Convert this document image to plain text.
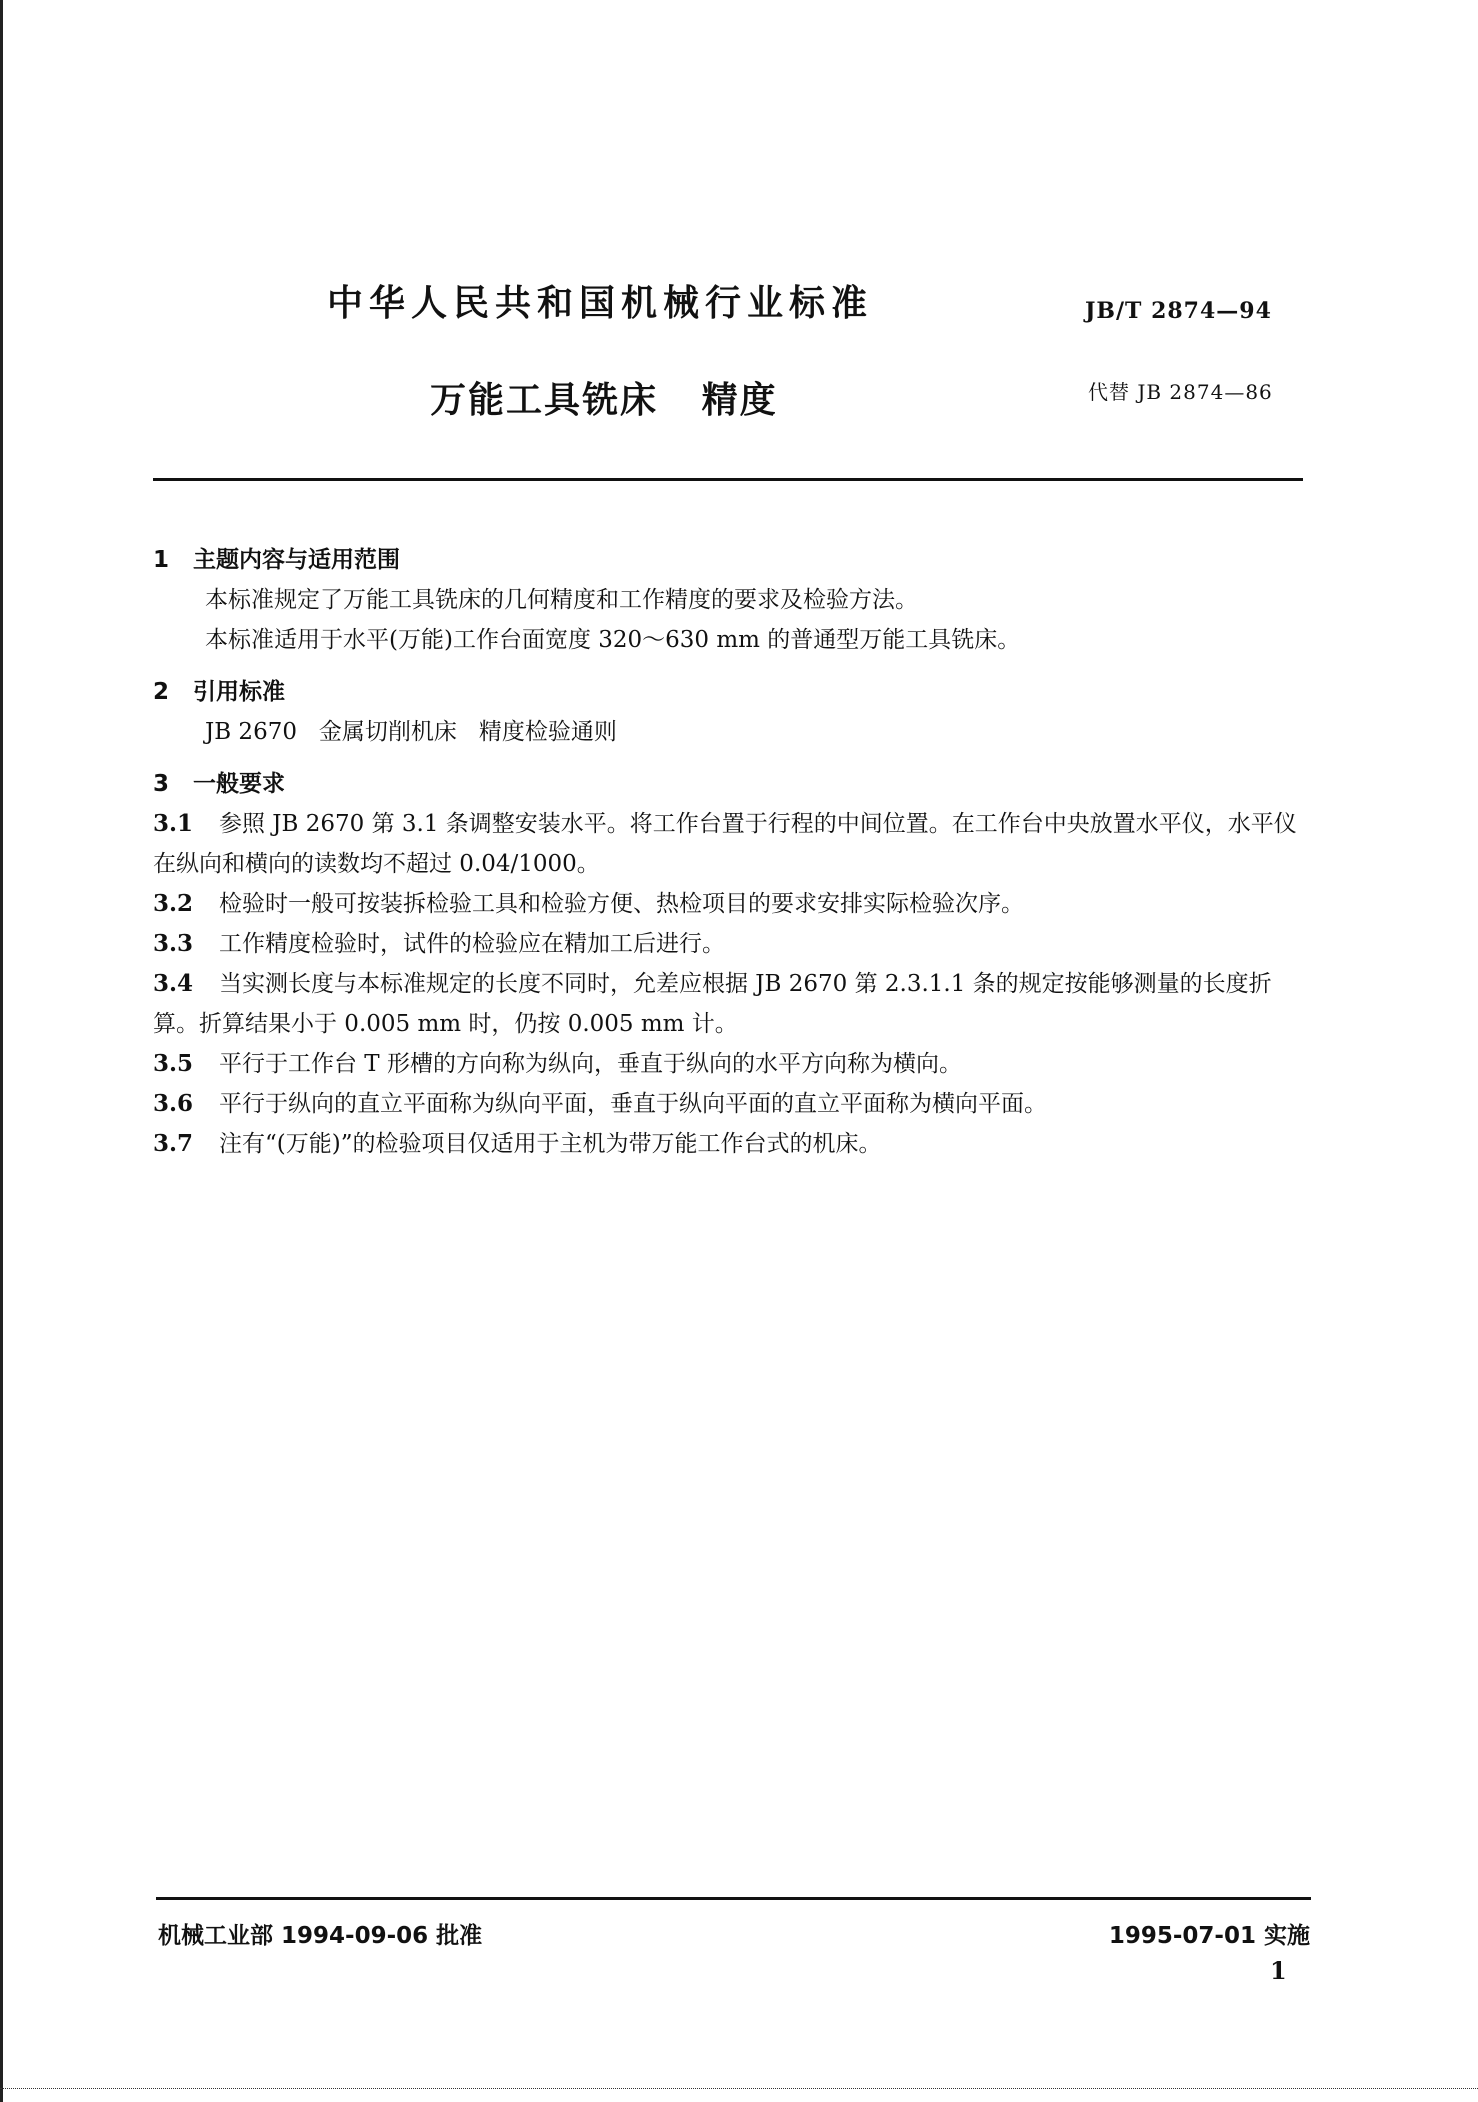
中华人民共和国机械行业标准	JB/T 2874—94
万能工具铣床   精度	代替 JB 2874—86
1 主题内容与适用范围
本标准规定了万能工具铣床的几何精度和工作精度的要求及检验方法。
本标准适用于水平(万能)工作台面宽度 320～630 mm 的普通型万能工具铣床。
2 引用标准
JB 2670   金属切削机床   精度检验通则
3 一般要求
3.1 参照 JB 2670 第 3.1 条调整安装水平。将工作台置于行程的中间位置。在工作台中央放置水平仪，水平仪在纵向和横向的读数均不超过 0.04/1000。
3.2 检验时一般可按装拆检验工具和检验方便、热检项目的要求安排实际检验次序。
3.3 工作精度检验时，试件的检验应在精加工后进行。
3.4 当实测长度与本标准规定的长度不同时，允差应根据 JB 2670 第 2.3.1.1 条的规定按能够测量的长度折算。折算结果小于 0.005 mm 时，仍按 0.005 mm 计。
3.5 平行于工作台 T 形槽的方向称为纵向，垂直于纵向的水平方向称为横向。
3.6 平行于纵向的直立平面称为纵向平面，垂直于纵向平面的直立平面称为横向平面。
3.7 注有“(万能)”的检验项目仅适用于主机为带万能工作台式的机床。
机械工业部 1994-09-06 批准	1995-07-01 实施
1
